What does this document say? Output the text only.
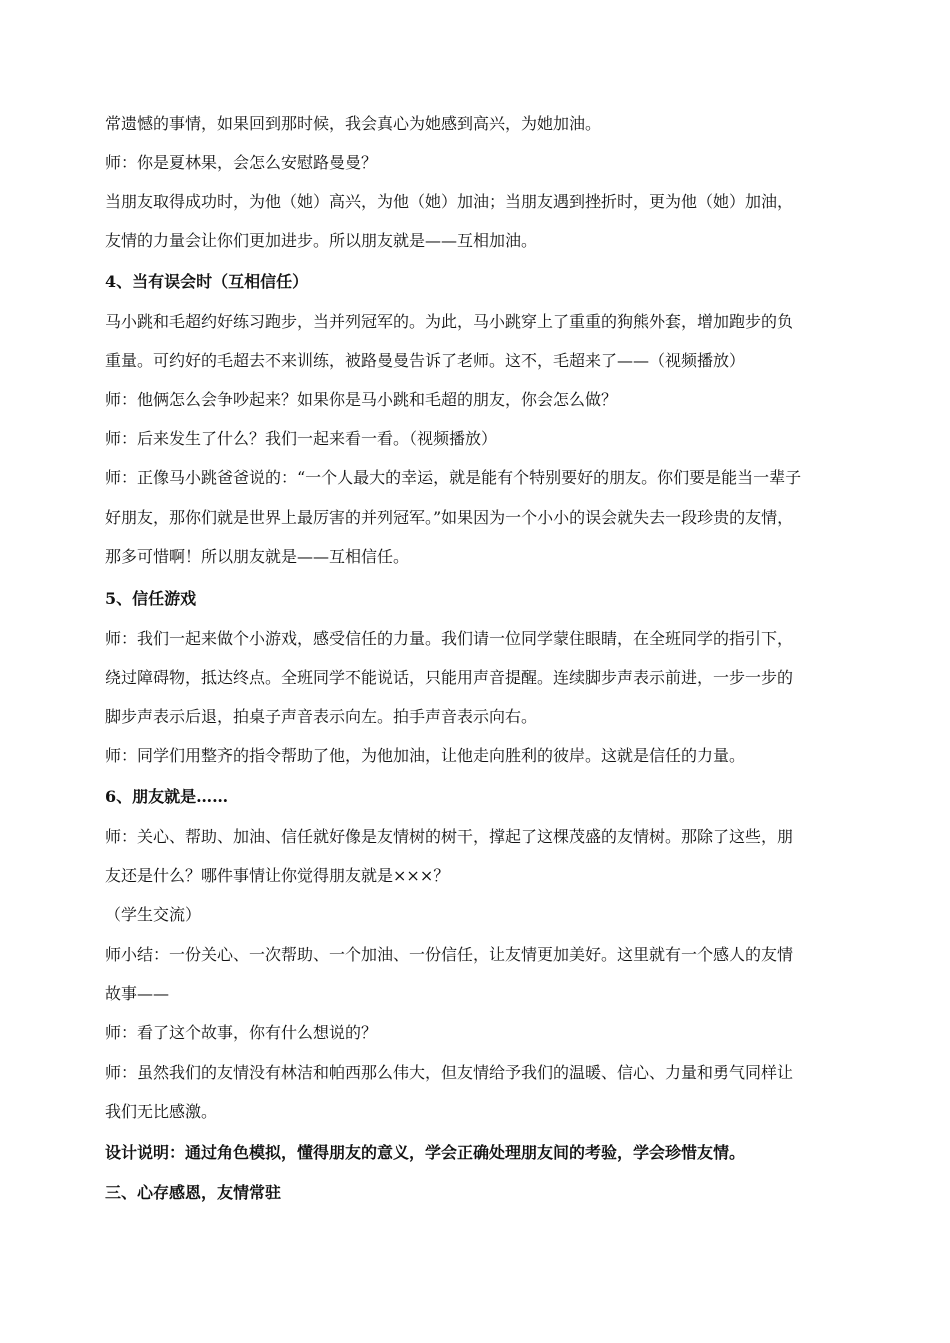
常遗憾的事情，如果回到那时候，我会真心为她感到高兴，为她加油。
师：你是夏林果，会怎么安慰路曼曼？
当朋友取得成功时，为他（她）高兴，为他（她）加油；当朋友遇到挫折时，更为他（她）加油，
友情的力量会让你们更加进步。所以朋友就是——互相加油。
4、当有误会时（互相信任）
马小跳和毛超约好练习跑步，当并列冠军的。为此，马小跳穿上了重重的狗熊外套，增加跑步的负
重量。可约好的毛超去不来训练，被路曼曼告诉了老师。这不，毛超来了——（视频播放）
师：他俩怎么会争吵起来？如果你是马小跳和毛超的朋友，你会怎么做？
师：后来发生了什么？我们一起来看一看。（视频播放）
师：正像马小跳爸爸说的：“一个人最大的幸运，就是能有个特别要好的朋友。你们要是能当一辈子
好朋友，那你们就是世界上最厉害的并列冠军。”如果因为一个小小的误会就失去一段珍贵的友情，
那多可惜啊！所以朋友就是——互相信任。
5、信任游戏
师：我们一起来做个小游戏，感受信任的力量。我们请一位同学蒙住眼睛，在全班同学的指引下，
绕过障碍物，抵达终点。全班同学不能说话，只能用声音提醒。连续脚步声表示前进，一步一步的
脚步声表示后退，拍桌子声音表示向左。拍手声音表示向右。
师：同学们用整齐的指令帮助了他，为他加油，让他走向胜利的彼岸。这就是信任的力量。
6、朋友就是……
师：关心、帮助、加油、信任就好像是友情树的树干，撑起了这棵茂盛的友情树。那除了这些，朋
友还是什么？哪件事情让你觉得朋友就是×××？
（学生交流）
师小结：一份关心、一次帮助、一个加油、一份信任，让友情更加美好。这里就有一个感人的友情
故事——
师：看了这个故事，你有什么想说的？
师：虽然我们的友情没有林洁和帕西那么伟大，但友情给予我们的温暖、信心、力量和勇气同样让
我们无比感激。
设计说明：通过角色模拟，懂得朋友的意义，学会正确处理朋友间的考验，学会珍惜友情。
三、心存感恩，友情常驻
